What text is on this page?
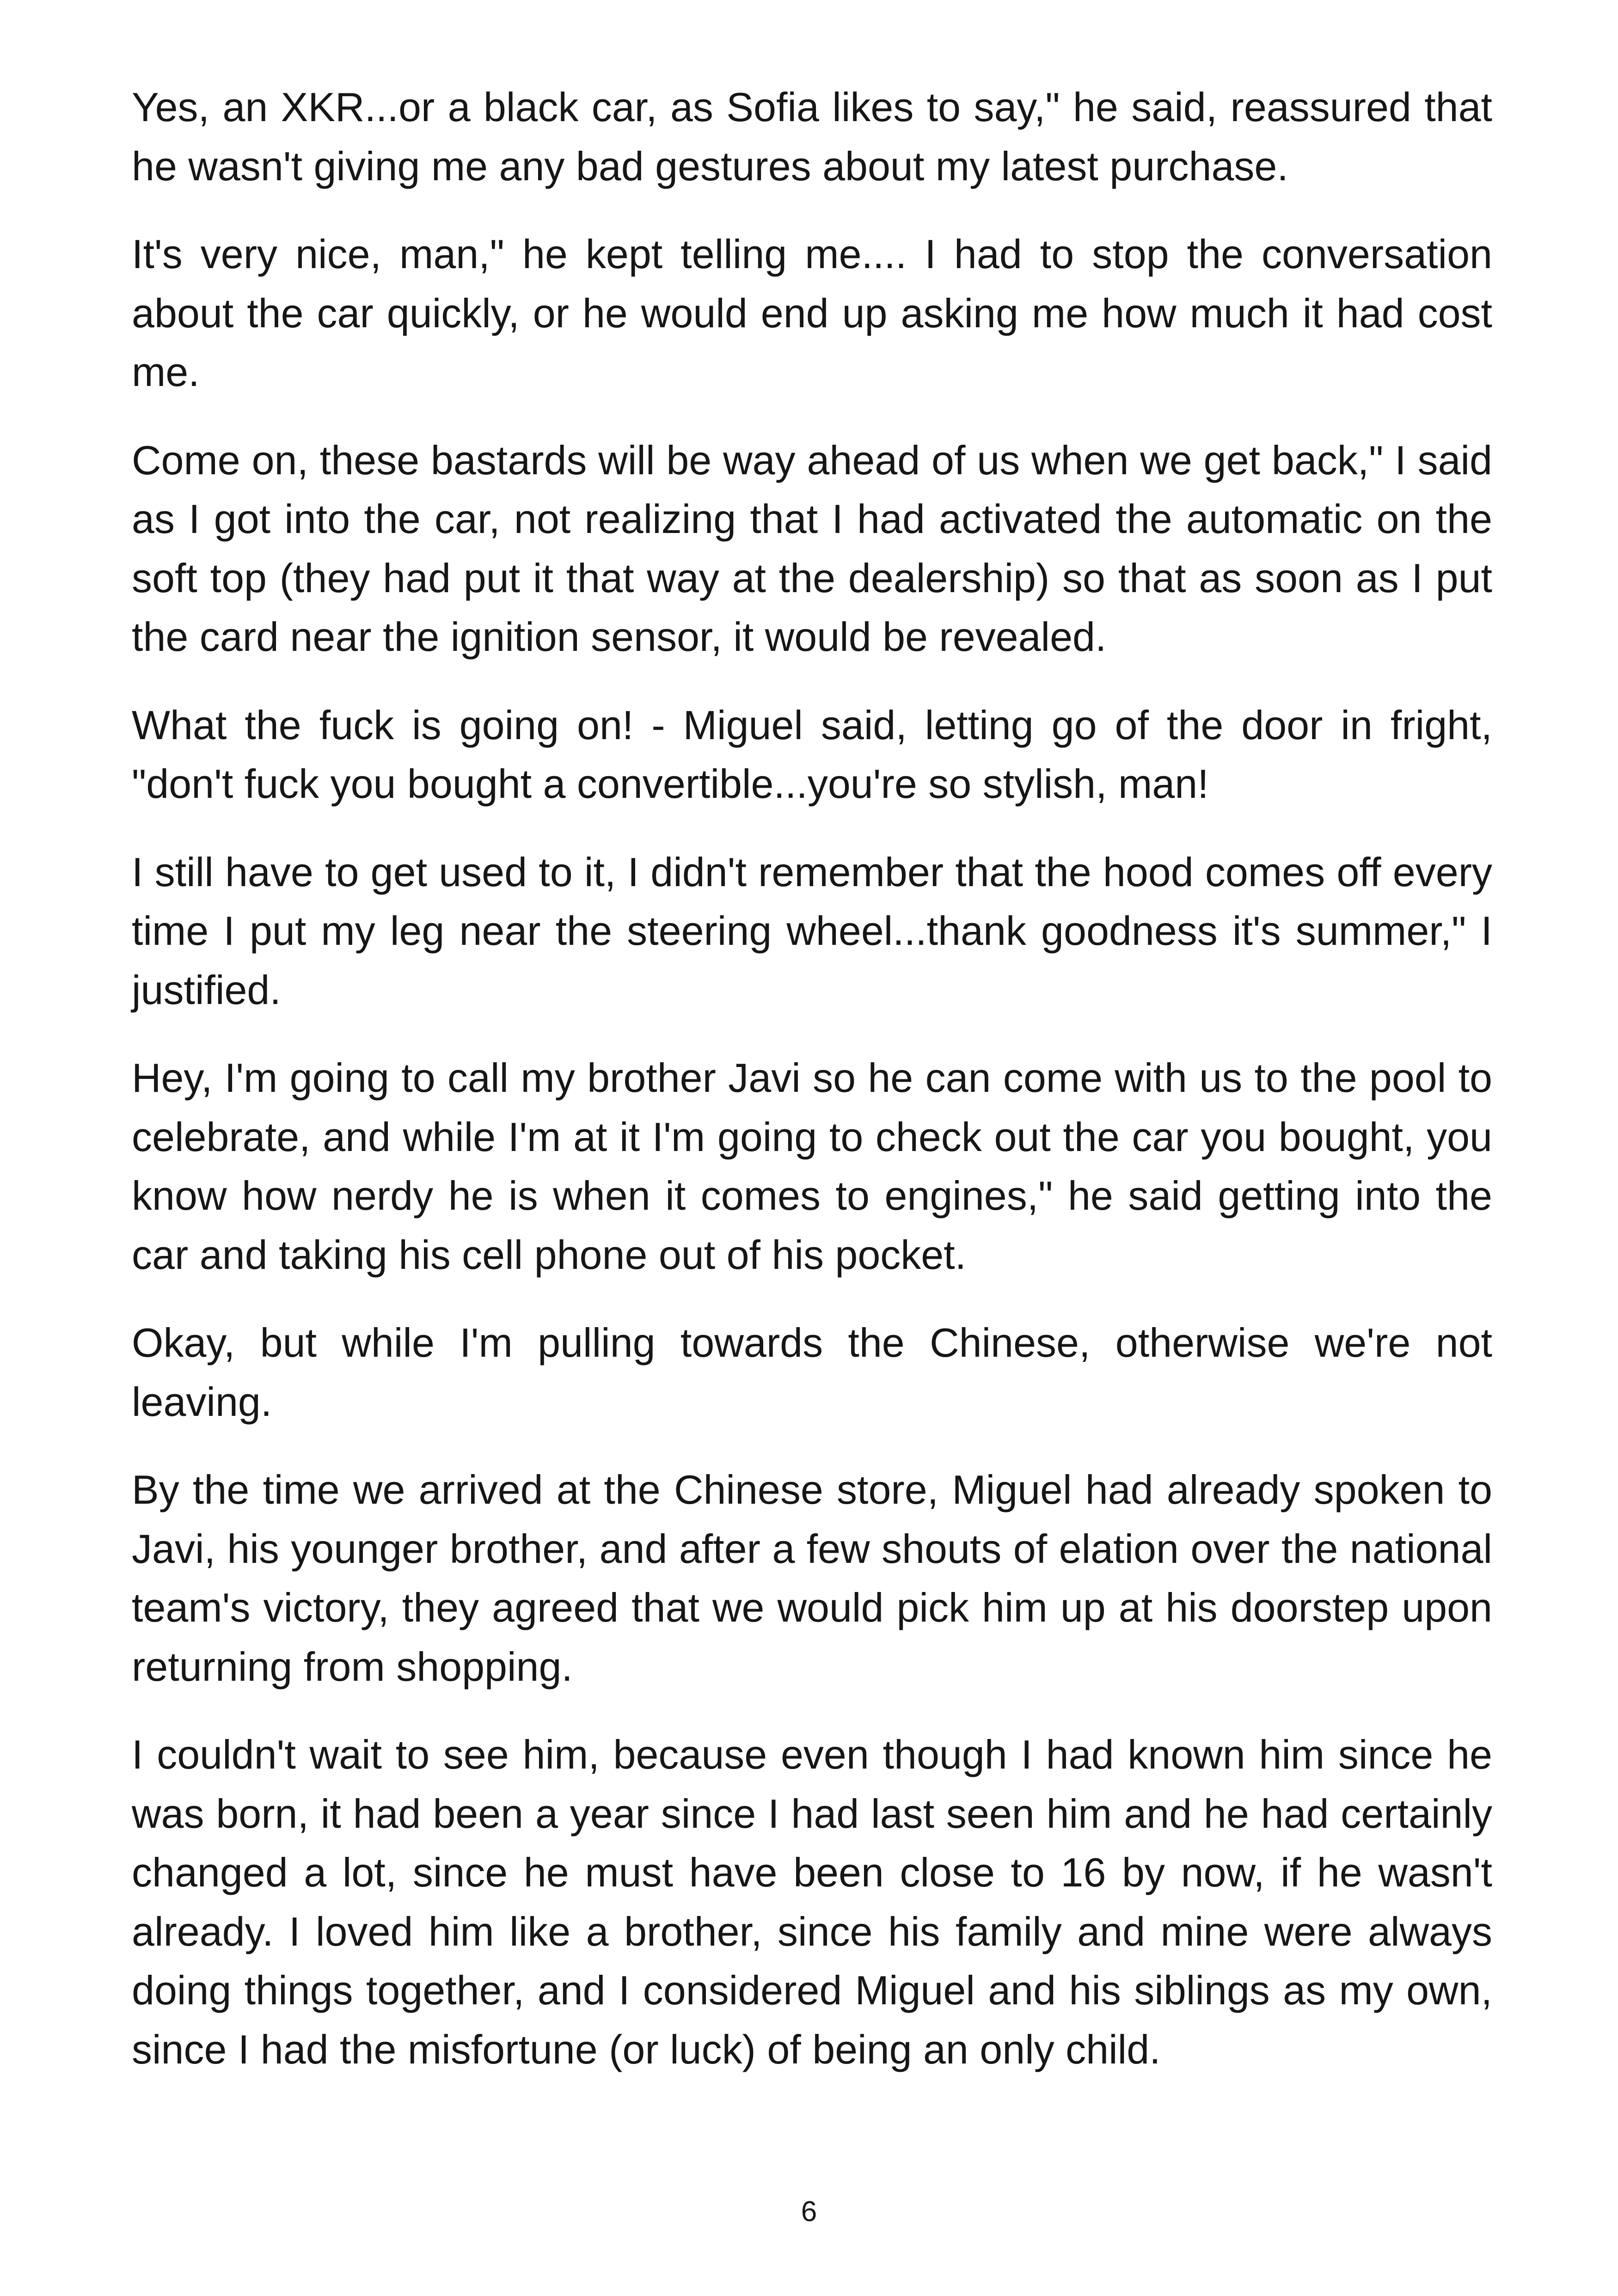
Yes, an XKR...or a black car, as Sofia likes to say," he said, reassured that he wasn't giving me any bad gestures about my latest purchase.

It's very nice, man," he kept telling me.... I had to stop the conversation about the car quickly, or he would end up asking me how much it had cost me.

Come on, these bastards will be way ahead of us when we get back," I said as I got into the car, not realizing that I had activated the automatic on the soft top (they had put it that way at the dealership) so that as soon as I put the card near the ignition sensor, it would be revealed.

What the fuck is going on! - Miguel said, letting go of the door in fright, "don't fuck you bought a convertible...you're so stylish, man!

I still have to get used to it, I didn't remember that the hood comes off every time I put my leg near the steering wheel...thank goodness it's summer," I justified.

Hey, I'm going to call my brother Javi so he can come with us to the pool to celebrate, and while I'm at it I'm going to check out the car you bought, you know how nerdy he is when it comes to engines," he said getting into the car and taking his cell phone out of his pocket.

Okay, but while I'm pulling towards the Chinese, otherwise we're not leaving.

By the time we arrived at the Chinese store, Miguel had already spoken to Javi, his younger brother, and after a few shouts of elation over the national team's victory, they agreed that we would pick him up at his doorstep upon returning from shopping.

I couldn't wait to see him, because even though I had known him since he was born, it had been a year since I had last seen him and he had certainly changed a lot, since he must have been close to 16 by now, if he wasn't already. I loved him like a brother, since his family and mine were always doing things together, and I considered Miguel and his siblings as my own, since I had the misfortune (or luck) of being an only child.

6
